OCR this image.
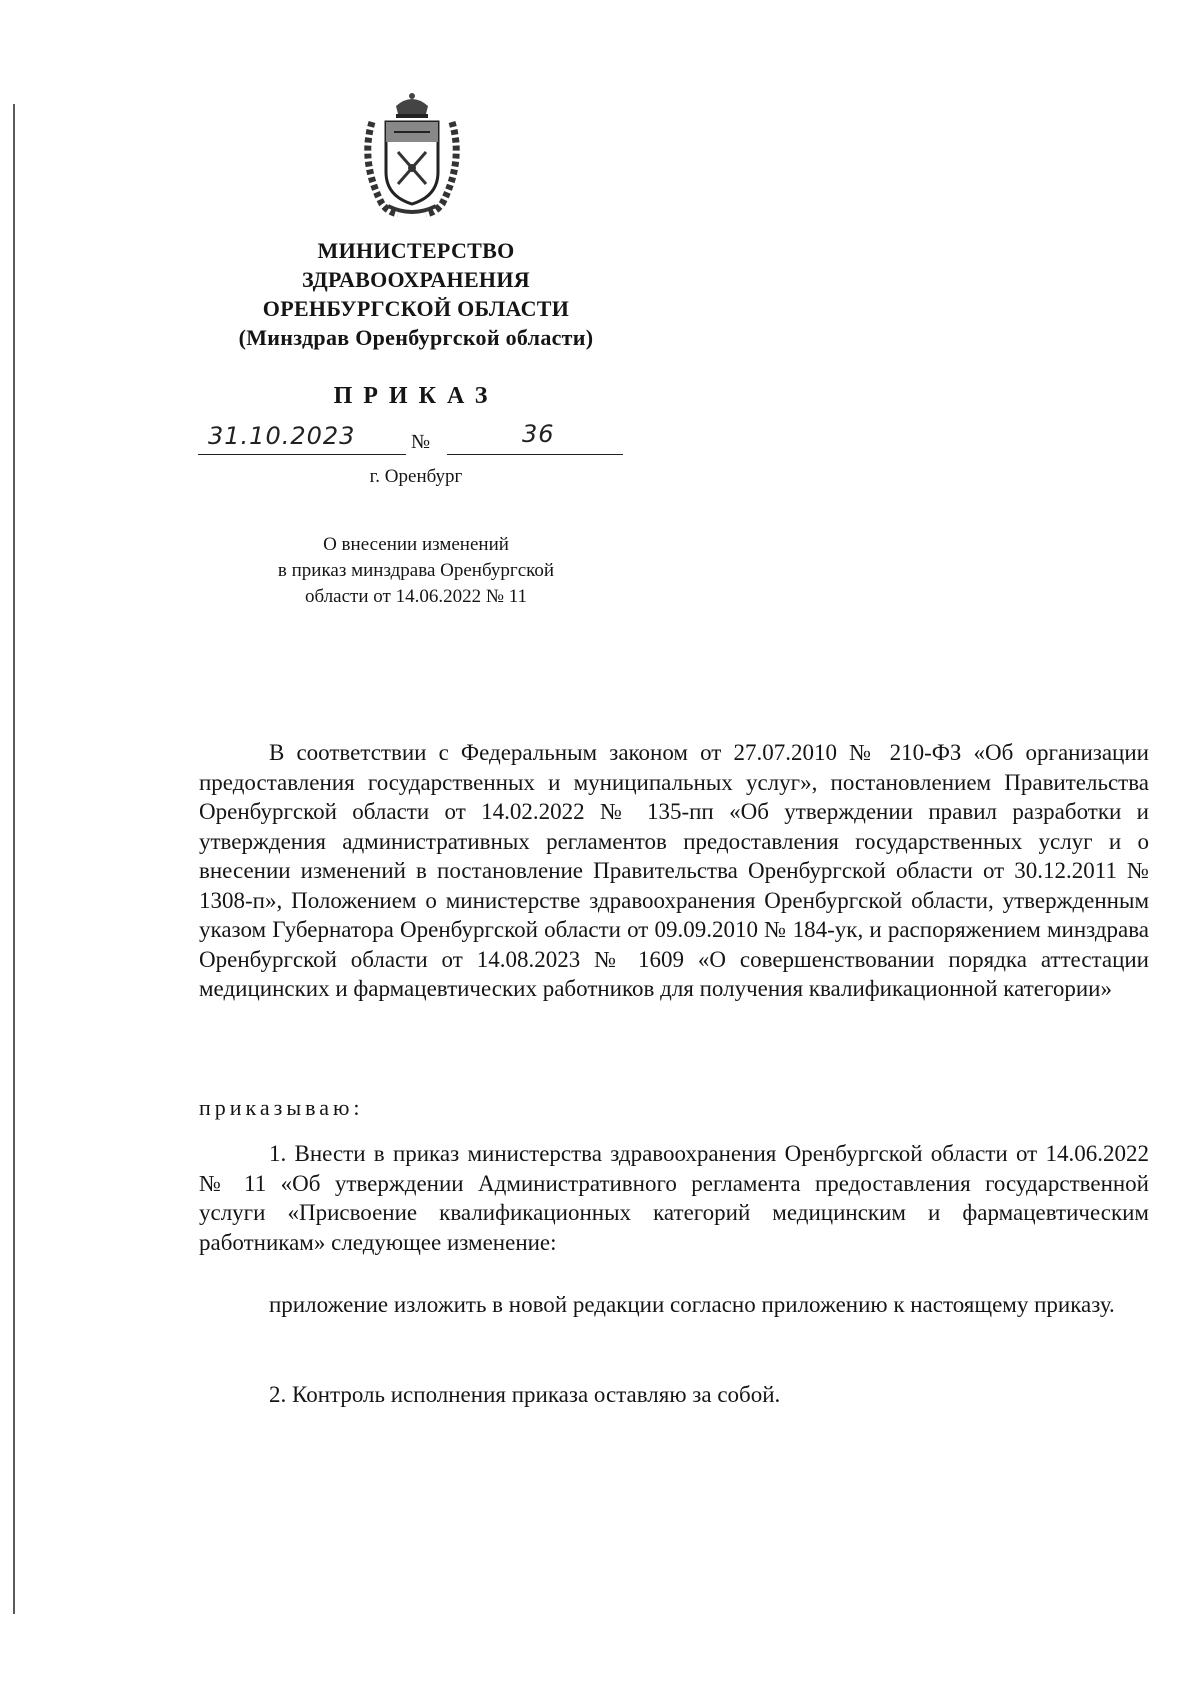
МИНИСТЕРСТВО
ЗДРАВООХРАНЕНИЯ
ОРЕНБУРГСКОЙ ОБЛАСТИ
(Минздрав Оренбургской области)
ПРИКАЗ
31.10.2023	№	36
г. Оренбург
О внесении изменений
в приказ минздрава Оренбургской
области от 14.06.2022 № 11

В соответствии с Федеральным законом от 27.07.2010 № 210-ФЗ «Об организации предоставления государственных и муниципальных услуг», постановлением Правительства Оренбургской области от 14.02.2022 № 135-пп «Об утверждении правил разработки и утверждения административных регламентов предоставления государственных услуг и о внесении изменений в постановление Правительства Оренбургской области от 30.12.2011 № 1308-п», Положением о министерстве здравоохранения Оренбургской области, утвержденным указом Губернатора Оренбургской области от 09.09.2010 № 184-ук, и распоряжением минздрава Оренбургской области от 14.08.2023 № 1609 «О совершенствовании порядка аттестации медицинских и фармацевтических работников для получения квалификационной категории»

приказываю:

1. Внести в приказ министерства здравоохранения Оренбургской области от 14.06.2022 № 11 «Об утверждении Административного регламента предоставления государственной услуги «Присвоение квалификационных категорий медицинским и фармацевтическим работникам» следующее изменение:

приложение изложить в новой редакции согласно приложению к настоящему приказу.

2. Контроль исполнения приказа оставляю за собой.
